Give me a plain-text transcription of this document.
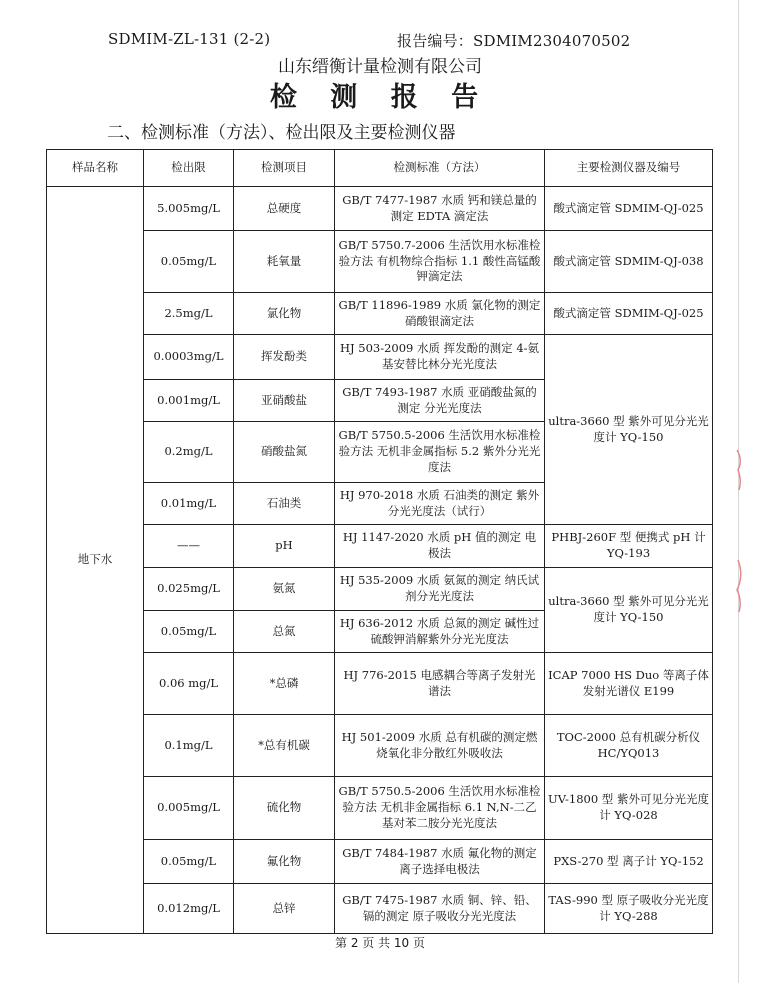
SDMIM-ZL-131 (2-2)	报告编号：SDMIM2304070502
山东缙衡计量检测有限公司
检 测 报 告
二、检测标准（方法）、检出限及主要检测仪器
样品名称	检出限	检测项目	检测标准（方法）	主要检测仪器及编号
地下水	5.005mg/L	总硬度	GB/T 7477-1987 水质 钙和镁总量的测定 EDTA 滴定法	酸式滴定管 SDMIM-QJ-025
	0.05mg/L	耗氧量	GB/T 5750.7-2006 生活饮用水标准检验方法 有机物综合指标 1.1 酸性高锰酸钾滴定法	酸式滴定管 SDMIM-QJ-038
	2.5mg/L	氯化物	GB/T 11896-1989 水质 氯化物的测定 硝酸银滴定法	酸式滴定管 SDMIM-QJ-025
	0.0003mg/L	挥发酚类	HJ 503-2009 水质 挥发酚的测定 4-氨基安替比林分光光度法	ultra-3660 型 紫外可见分光光度计 YQ-150
	0.001mg/L	亚硝酸盐	GB/T 7493-1987 水质 亚硝酸盐氮的测定 分光光度法	
	0.2mg/L	硝酸盐氮	GB/T 5750.5-2006 生活饮用水标准检验方法 无机非金属指标 5.2 紫外分光光度法	
	0.01mg/L	石油类	HJ 970-2018 水质 石油类的测定 紫外分光光度法（试行）	
	——	pH	HJ 1147-2020 水质 pH 值的测定 电极法	PHBJ-260F 型 便携式 pH 计 YQ-193
	0.025mg/L	氨氮	HJ 535-2009 水质 氨氮的测定 纳氏试剂分光光度法	ultra-3660 型 紫外可见分光光度计 YQ-150
	0.05mg/L	总氮	HJ 636-2012 水质 总氮的测定 碱性过硫酸钾消解紫外分光光度法	
	0.06 mg/L	*总磷	HJ 776-2015 电感耦合等离子发射光谱法	ICAP 7000 HS Duo 等离子体发射光谱仪 E199
	0.1mg/L	*总有机碳	HJ 501-2009 水质 总有机碳的测定燃烧氧化非分散红外吸收法	TOC-2000 总有机碳分析仪 HC/YQ013
	0.005mg/L	硫化物	GB/T 5750.5-2006 生活饮用水标准检验方法 无机非金属指标 6.1 N,N-二乙基对苯二胺分光光度法	UV-1800 型 紫外可见分光光度计 YQ-028
	0.05mg/L	氟化物	GB/T 7484-1987 水质 氟化物的测定 离子选择电极法	PXS-270 型 离子计 YQ-152
	0.012mg/L	总锌	GB/T 7475-1987 水质 铜、锌、铅、镉的测定 原子吸收分光光度法	TAS-990 型 原子吸收分光光度计 YQ-288
第 2 页 共 10 页
